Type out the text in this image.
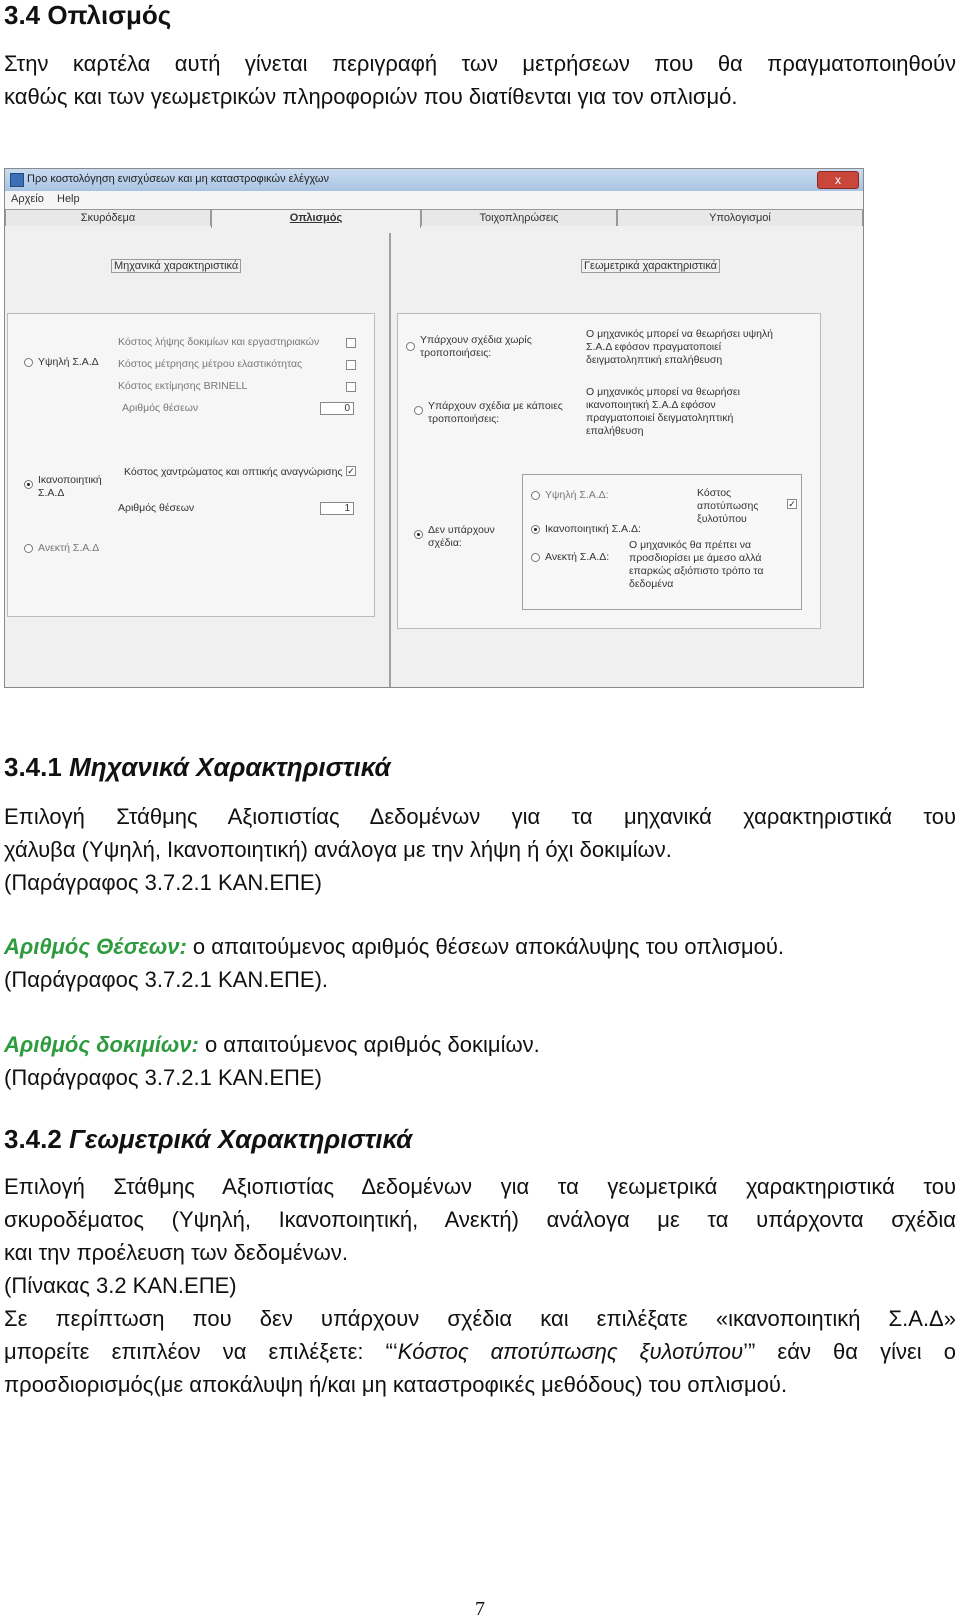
3.4 Οπλισμός
Στην καρτέλα αυτή γίνεται περιγραφή των μετρήσεων που θα πραγματοποιηθούν
καθώς και των γεωμετρικών πληροφοριών που διατίθενται για τον οπλισμό.
Προ κοστολόγηση ενισχύσεων και μη καταστροφικών ελέγχων	x
Αρχείο Help
Σκυρόδεμα	Οπλισμός	Τοιχοπληρώσεις	Υπολογισμοί
Μηχανικά χαρακτηριστικά	Γεωμετρικά χαρακτηριστικά
Υψηλή Σ.Α.Δ
Κόστος λήψης δοκιμίων και εργαστηριακών
Κόστος μέτρησης μέτρου ελαστικότητας
Κόστος εκτίμησης BRINELL
Αριθμός θέσεων	0
Ικανοποιητική Σ.Α.Δ
Κόστος χαντρώματος και οπτικής αναγνώρισης ✓
Αριθμός θέσεων	1
Ανεκτή Σ.Α.Δ
Υπάρχουν σχέδια χωρίς τροποποιήσεις:
Ο μηχανικός μπορεί να θεωρήσει υψηλή Σ.Α.Δ εφόσον πραγματοποιεί δειγματοληπτική επαλήθευση
Υπάρχουν σχέδια με κάποιες τροποποιήσεις:
Ο μηχανικός μπορεί να θεωρήσει ικανοποιητική Σ.Α.Δ εφόσον πραγματοποιεί δειγματοληπτική επαλήθευση
Δεν υπάρχουν σχέδια:
Υψηλή Σ.Α.Δ:	Κόστος αποτύπωσης ξυλοτύπου
✓
Ικανοποιητική Σ.Α.Δ:
Ανεκτή Σ.Α.Δ:
Ο μηχανικός θα πρέπει να προσδιορίσει με άμεσο αλλά επαρκώς αξιόπιστο τρόπο τα δεδομένα
3.4.1 Μηχανικά Χαρακτηριστικά
Επιλογή Στάθμης Αξιοπιστίας Δεδομένων για τα μηχανικά χαρακτηριστικά του
χάλυβα (Υψηλή, Ικανοποιητική) ανάλογα με την λήψη ή όχι δοκιμίων.
(Παράγραφος 3.7.2.1 ΚΑΝ.ΕΠΕ)
Αριθμός Θέσεων: ο απαιτούμενος αριθμός θέσεων αποκάλυψης του οπλισμού.
(Παράγραφος 3.7.2.1 ΚΑΝ.ΕΠΕ).
Αριθμός δοκιμίων: ο απαιτούμενος αριθμός δοκιμίων.
(Παράγραφος 3.7.2.1 ΚΑΝ.ΕΠΕ)
3.4.2 Γεωμετρικά Χαρακτηριστικά
Επιλογή Στάθμης Αξιοπιστίας Δεδομένων για τα γεωμετρικά χαρακτηριστικά του
σκυροδέματος (Υψηλή, Ικανοποιητική, Ανεκτή) ανάλογα με τα υπάρχοντα σχέδια
και την προέλευση των δεδομένων.
(Πίνακας 3.2 ΚΑΝ.ΕΠΕ)
Σε περίπτωση που δεν υπάρχουν σχέδια και επιλέξατε «ικανοποιητική Σ.Α.Δ»
μπορείτε επιπλέον να επιλέξετε: “‘Κόστος αποτύπωσης ξυλοτύπου’” εάν θα γίνει ο
προσδιορισμός(με αποκάλυψη ή/και μη καταστροφικές μεθόδους) του οπλισμού.
7
